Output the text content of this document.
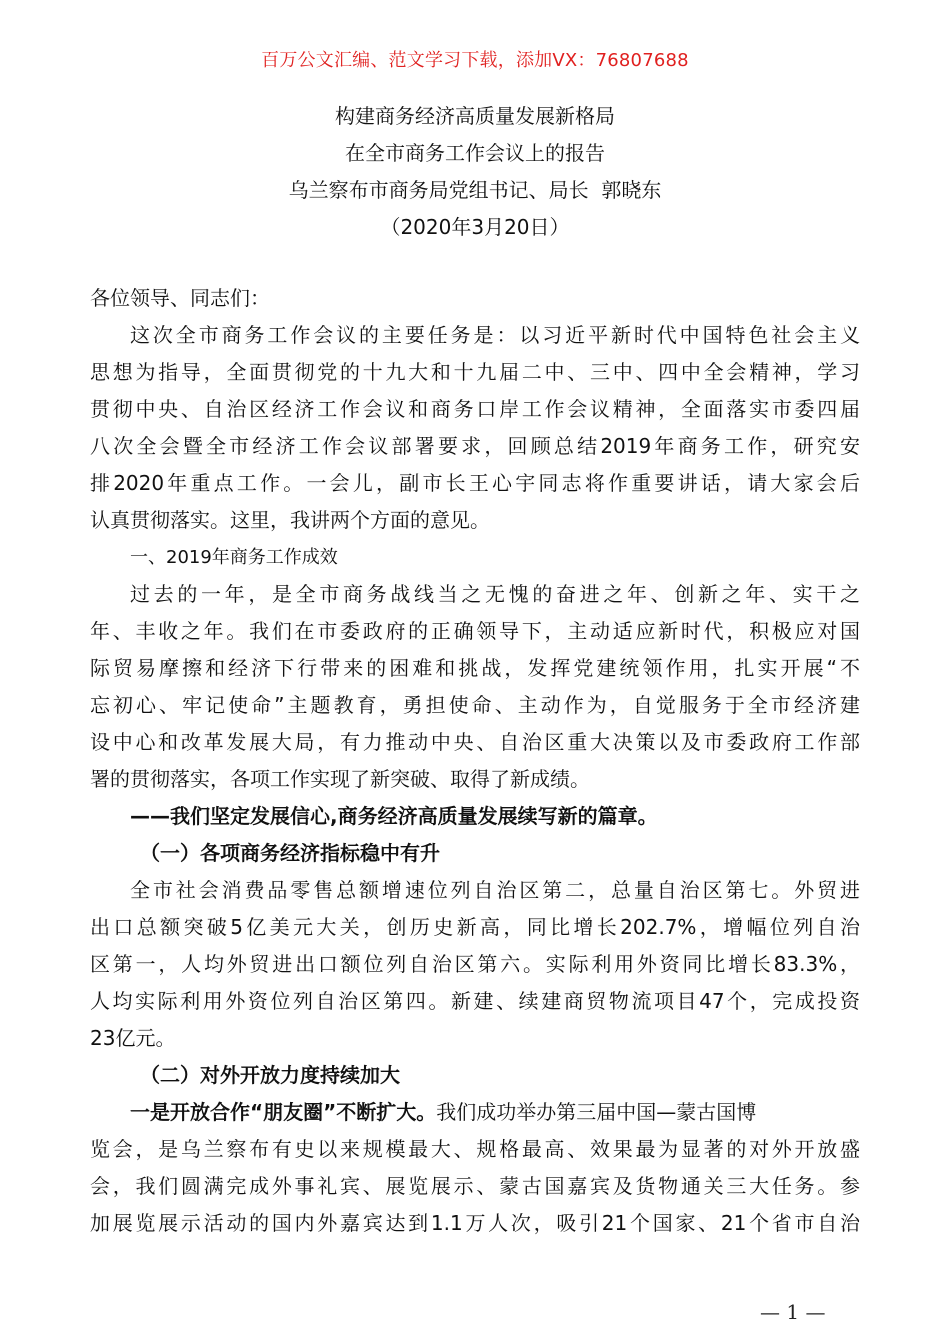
百万公文汇编、范文学习下载，添加VX：76807688
构建商务经济高质量发展新格局
在全市商务工作会议上的报告
乌兰察布市商务局党组书记、局长  郭晓东
（2020年3月20日）
各位领导、同志们：
这次全市商务工作会议的主要任务是：以习近平新时代中国特色社会主义
思想为指导，全面贯彻党的十九大和十九届二中、三中、四中全会精神，学习
贯彻中央、自治区经济工作会议和商务口岸工作会议精神，全面落实市委四届
八次全会暨全市经济工作会议部署要求，回顾总结2019年商务工作，研究安
排2020年重点工作。一会儿，副市长王心宇同志将作重要讲话，请大家会后
认真贯彻落实。这里，我讲两个方面的意见。
一、2019年商务工作成效
过去的一年，是全市商务战线当之无愧的奋进之年、创新之年、实干之
年、丰收之年。我们在市委政府的正确领导下，主动适应新时代，积极应对国
际贸易摩擦和经济下行带来的困难和挑战，发挥党建统领作用，扎实开展“不
忘初心、牢记使命”主题教育，勇担使命、主动作为，自觉服务于全市经济建
设中心和改革发展大局，有力推动中央、自治区重大决策以及市委政府工作部
署的贯彻落实，各项工作实现了新突破、取得了新成绩。
——我们坚定发展信心,商务经济高质量发展续写新的篇章。
（一）各项商务经济指标稳中有升
全市社会消费品零售总额增速位列自治区第二，总量自治区第七。外贸进
出口总额突破5亿美元大关，创历史新高，同比增长202.7%，增幅位列自治
区第一，人均外贸进出口额位列自治区第六。实际利用外资同比增长83.3%，
人均实际利用外资位列自治区第四。新建、续建商贸物流项目47个，完成投资
23亿元。
（二）对外开放力度持续加大
一是开放合作“朋友圈”不断扩大。我们成功举办第三届中国—蒙古国博
览会，是乌兰察布有史以来规模最大、规格最高、效果最为显著的对外开放盛
会，我们圆满完成外事礼宾、展览展示、蒙古国嘉宾及货物通关三大任务。参
加展览展示活动的国内外嘉宾达到1.1万人次，吸引21个国家、21个省市自治
— 1 —
